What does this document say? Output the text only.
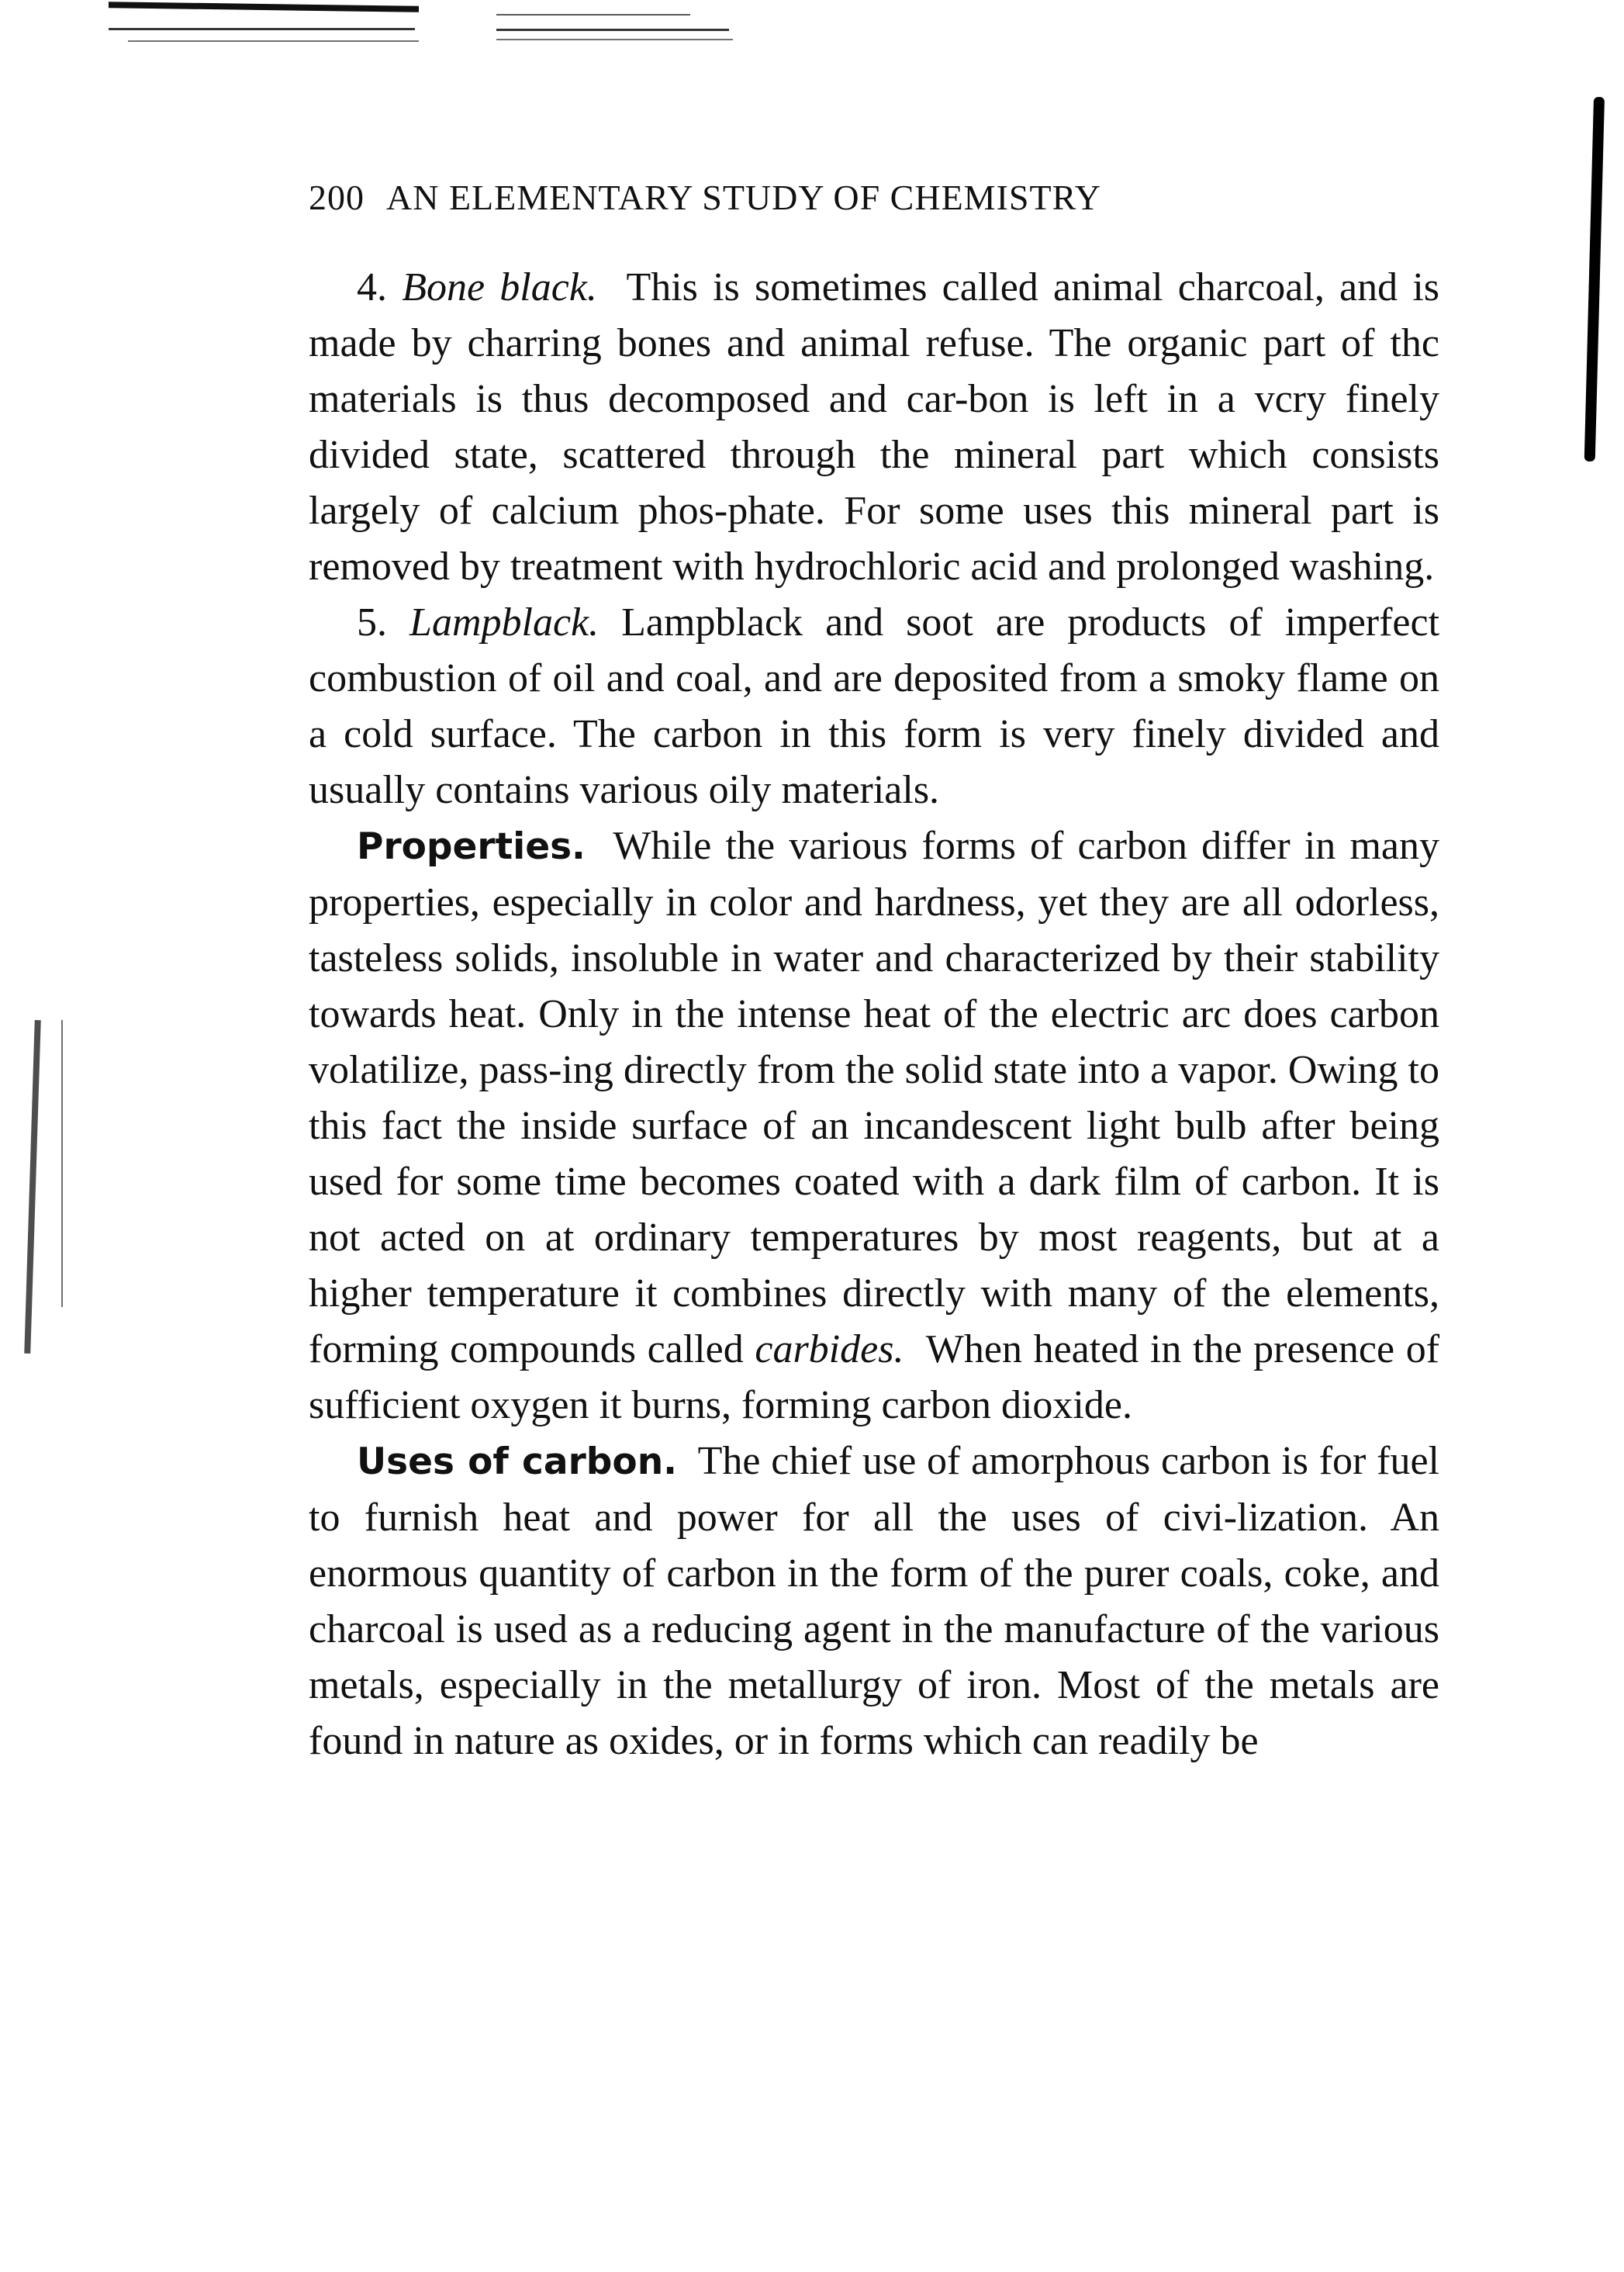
200 AN ELEMENTARY STUDY OF CHEMISTRY

4. Bone black. This is sometimes called animal charcoal, and is made by charring bones and animal refuse. The organic part of thc materials is thus decomposed and car-bon is left in a vcry finely divided state, scattered through the mineral part which consists largely of calcium phos-phate. For some uses this mineral part is removed by treatment with hydrochloric acid and prolonged washing.

5. Lampblack. Lampblack and soot are products of imperfect combustion of oil and coal, and are deposited from a smoky flame on a cold surface. The carbon in this form is very finely divided and usually contains various oily materials.

Properties. While the various forms of carbon differ in many properties, especially in color and hardness, yet they are all odorless, tasteless solids, insoluble in water and characterized by their stability towards heat. Only in the intense heat of the electric arc does carbon volatilize, pass-ing directly from the solid state into a vapor. Owing to this fact the inside surface of an incandescent light bulb after being used for some time becomes coated with a dark film of carbon. It is not acted on at ordinary temperatures by most reagents, but at a higher temperature it combines directly with many of the elements, forming compounds called carbides. When heated in the presence of sufficient oxygen it burns, forming carbon dioxide.

Uses of carbon. The chief use of amorphous carbon is for fuel to furnish heat and power for all the uses of civi-lization. An enormous quantity of carbon in the form of the purer coals, coke, and charcoal is used as a reducing agent in the manufacture of the various metals, especially in the metallurgy of iron. Most of the metals are found in nature as oxides, or in forms which can readily be
